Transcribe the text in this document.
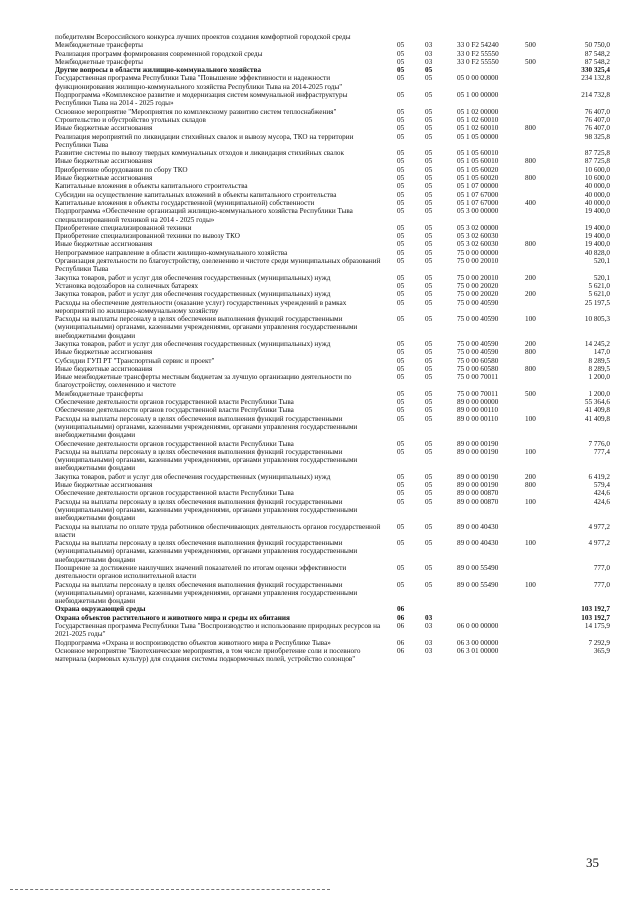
победителям Всероссийского конкурса лучших проектов создания комфортной городской среды
Межбюджетные трансферты	05	03	33 0 F2 54240	500	50 750,0
Реализация программ формирования современной городской среды	05	03	33 0 F2 55550	87 548,2
Межбюджетные трансферты	05	03	33 0 F2 55550	500	87 548,2
Другие вопросы в области жилищно-коммунального хозяйства	05	05	330 325,4
Государственная программа Республики Тыва "Повышение эффективности и надежности функционирования жилищно-коммунального хозяйства Республики Тыва на 2014-2025 годы"
05	05	05 0 00 00000	234 132,8
Подпрограмма «Комплексное развитие и модернизация систем коммунальной инфраструктуры Республики Тыва на 2014 - 2025 годы»
05	05	05 1 00 00000	214 732,8
Основное мероприятие "Мероприятия по комплексному развитию систем теплоснабжения"	05	05	05 1 02 00000	76 407,0
Строительство и обустройство угольных складов	05	05	05 1 02 60010	76 407,0
Иные бюджетные ассигнования	05	05	05 1 02 60010	800	76 407,0
Реализация мероприятий по ликвидации стихийных свалок и вывозу мусора, ТКО на территории Республики Тыва
05	05	05 1 05 00000	98 325,8
Развитие системы по вывозу твердых коммунальных отходов и ликвидация стихийных свалок	05	05	05 1 05 60010	87 725,8
Иные бюджетные ассигнования	05	05	05 1 05 60010	800	87 725,8
Приобретение оборудования по сбору ТКО	05	05	05 1 05 60020	10 600,0
Иные бюджетные ассигнования	05	05	05 1 05 60020	800	10 600,0
Капитальные вложения в объекты капитального строительства	05	05	05 1 07 00000	40 000,0
Субсидии на осуществление капитальных вложений в объекты капитального строительства	05	05	05 1 07 67000	40 000,0
Капитальные вложения в объекты государственной (муниципальной) собственности	05	05	05 1 07 67000	400	40 000,0
Подпрограмма «Обеспечение организаций жилищно-коммунального хозяйства Республики Тыва специализированной техникой на 2014 - 2025 годы»
05	05	05 3 00 00000	19 400,0
Приобретение специализированной техники	05	05	05 3 02 00000	19 400,0
Приобретение специализированной техники по вывозу ТКО	05	05	05 3 02 60030	19 400,0
Иные бюджетные ассигнования	05	05	05 3 02 60030	800	19 400,0
Непрограммное направление в области жилищно-коммунального хозяйства	05	05	75 0 00 00000	40 828,0
Организация деятельности по благоустройству, озеленению и чистоте среди муниципальных образований Республики Тыва
05	05	75 0 00 20010	520,1
Закупка товаров, работ и услуг для обеспечения государственных (муниципальных) нужд	05	05	75 0 00 20010	200	520,1
Установка водозаборов на солнечных батареях	05	05	75 0 00 20020	5 621,0
Закупка товаров, работ и услуг для обеспечения государственных (муниципальных) нужд	05	05	75 0 00 20020	200	5 621,0
Расходы на обеспечение деятельности (оказание услуг) государственных учреждений в рамках мероприятий по жилищно-коммунальному хозяйству
05	05	75 0 00 40590	25 197,5
Расходы на выплаты персоналу в целях обеспечения выполнения функций государственными (муниципальными) органами, казенными учреждениями, органами управления государственными внебюджетными фондами
05	05	75 0 00 40590	100	10 805,3
Закупка товаров, работ и услуг для обеспечения государственных (муниципальных) нужд	05	05	75 0 00 40590	200	14 245,2
Иные бюджетные ассигнования	05	05	75 0 00 40590	800	147,0
Субсидии ГУП РТ "Транспортный сервис и проект"	05	05	75 0 00 60580	8 289,5
Иные бюджетные ассигнования	05	05	75 0 00 60580	800	8 289,5
Иные межбюджетные трансферты местным бюджетам за лучшую организацию деятельности по благоустройству, озеленению и чистоте
05	05	75 0 00 70011	1 200,0
Межбюджетные трансферты	05	05	75 0 00 70011	500	1 200,0
Обеспечение деятельности органов государственной власти Республики Тыва	05	05	89 0 00 00000	55 364,6
Обеспечение деятельности органов государственной власти Республики Тыва	05	05	89 0 00 00110	41 409,8
Расходы на выплаты персоналу в целях обеспечения выполнения функций государственными (муниципальными) органами, казенными учреждениями, органами управления государственными внебюджетными фондами
05	05	89 0 00 00110	100	41 409,8
Обеспечение деятельности органов государственной власти Республики Тыва	05	05	89 0 00 00190	7 776,0
Расходы на выплаты персоналу в целях обеспечения выполнения функций государственными (муниципальными) органами, казенными учреждениями, органами управления государственными внебюджетными фондами
05	05	89 0 00 00190	100	777,4
Закупка товаров, работ и услуг для обеспечения государственных (муниципальных) нужд	05	05	89 0 00 00190	200	6 419,2
Иные бюджетные ассигнования	05	05	89 0 00 00190	800	579,4
Обеспечение деятельности органов государственной власти Республики Тыва	05	05	89 0 00 00870	424,6
Расходы на выплаты персоналу в целях обеспечения выполнения функций государственными (муниципальными) органами, казенными учреждениями, органами управления государственными внебюджетными фондами
05	05	89 0 00 00870	100	424,6
Расходы на выплаты по оплате труда работников обеспечивающих деятельность органов государственной власти
05	05	89 0 00 40430	4 977,2
Расходы на выплаты персоналу в целях обеспечения выполнения функций государственными (муниципальными) органами, казенными учреждениями, органами управления государственными внебюджетными фондами
05	05	89 0 00 40430	100	4 977,2
Поощрение за достижение наилучших значений показателей по итогам оценки эффективности деятельности органов исполнительной власти
05	05	89 0 00 55490	777,0
Расходы на выплаты персоналу в целях обеспечения выполнения функций государственными (муниципальными) органами, казенными учреждениями, органами управления государственными внебюджетными фондами
05	05	89 0 00 55490	100	777,0
Охрана окружающей среды	06	103 192,7
Охрана объектов растительного и животного мира и среды их обитания	06	03	103 192,7
Государственная программа Республики Тыва "Воспроизводство и использование природных ресурсов на 2021-2025 годы"
06	03	06 0 00 00000	14 175,9
Подпрограмма «Охрана и воспроизводство объектов животного мира в Республике Тыва»	06	03	06 3 00 00000	7 292,9
Основное мероприятие "Биотехнические мероприятия, в том числе приобретение соли и посевного материала (кормовых культур) для создания системы подкормочных полей, устройство солонцов"
06	03	06 3 01 00000	365,9
35
